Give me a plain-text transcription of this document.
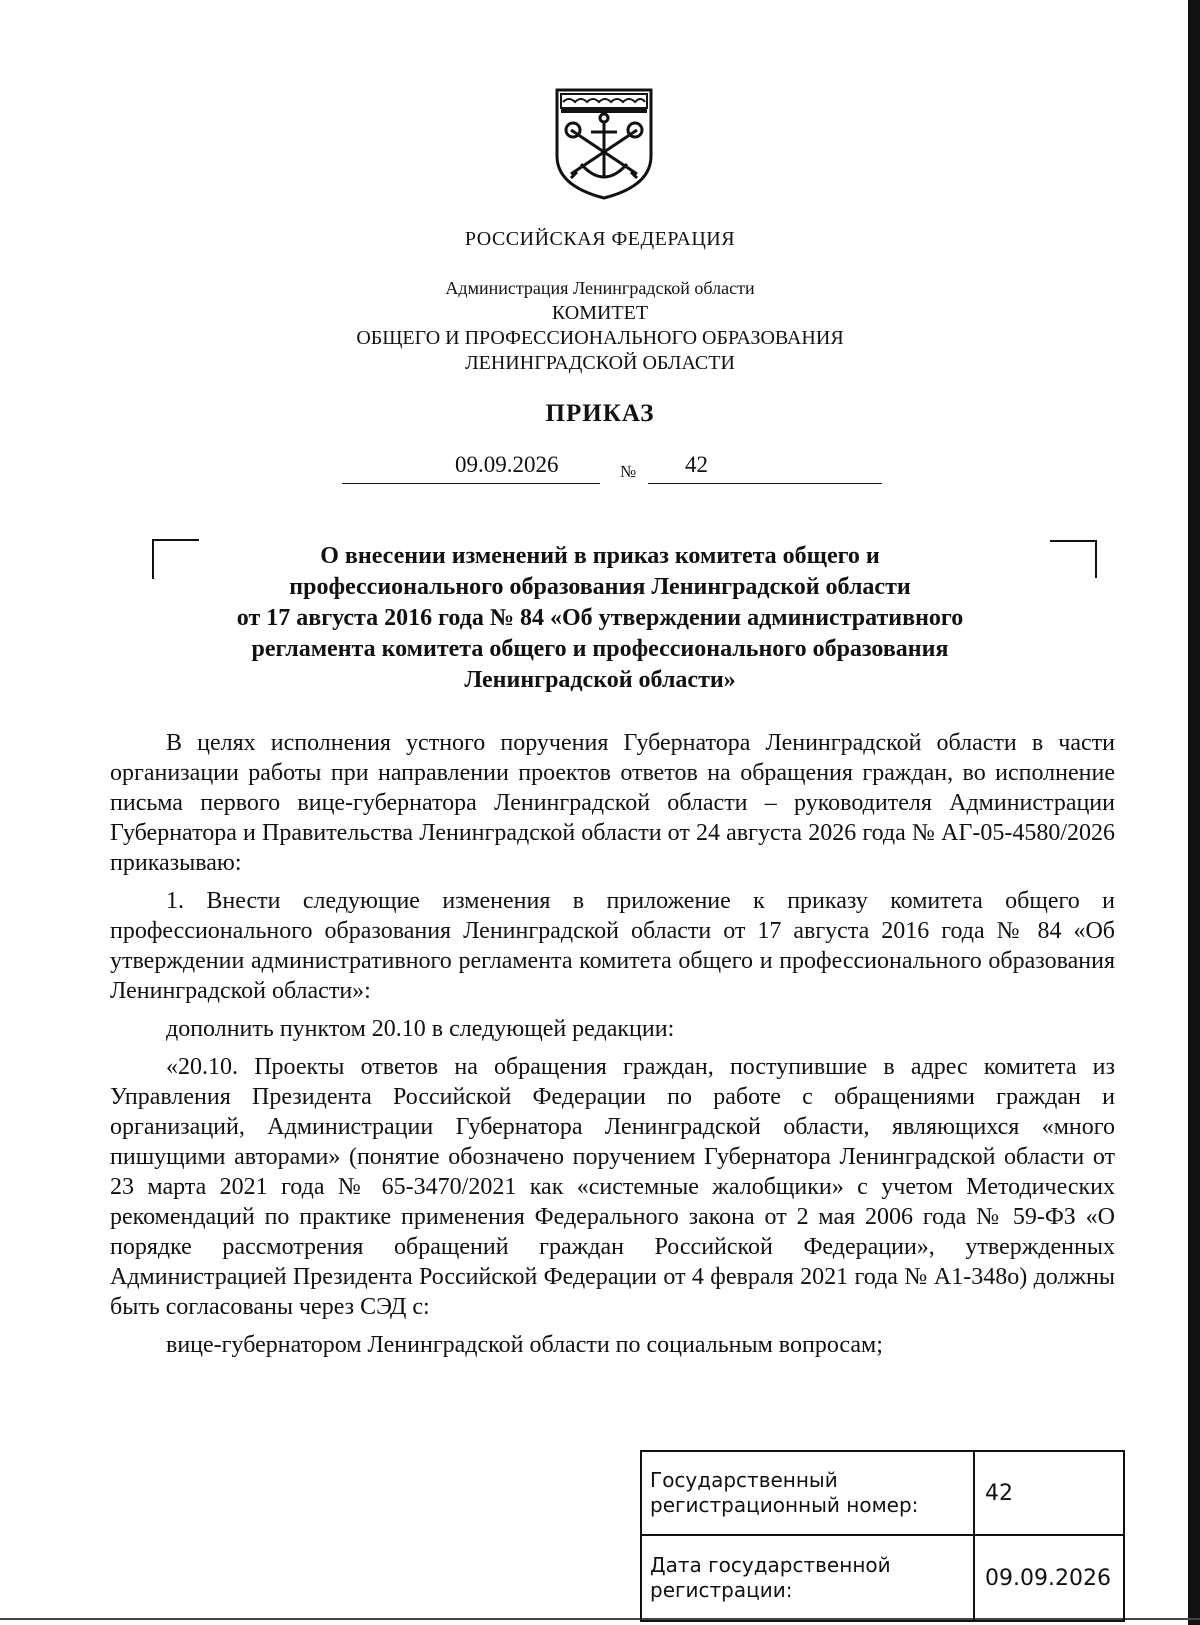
РОССИЙСКАЯ ФЕДЕРАЦИЯ
Администрация Ленинградской области
КОМИТЕТ
ОБЩЕГО И ПРОФЕССИОНАЛЬНОГО ОБРАЗОВАНИЯ
ЛЕНИНГРАДСКОЙ ОБЛАСТИ
ПРИКАЗ
09.09.2026	№ 42
О внесении изменений в приказ комитета общего и
профессионального образования Ленинградской области
от 17 августа 2016 года № 84 «Об утверждении административного
регламента комитета общего и профессионального образования
Ленинградской области»

В целях исполнения устного поручения Губернатора Ленинградской области в части организации работы при направлении проектов ответов на обращения граждан, во исполнение письма первого вице-губернатора Ленинградской области – руководителя Администрации Губернатора и Правительства Ленинградской области от 24 августа 2026 года № АГ-05-4580/2026 приказываю:

1. Внести следующие изменения в приложение к приказу комитета общего и профессионального образования Ленинградской области от 17 августа 2016 года № 84 «Об утверждении административного регламента комитета общего и профессионального образования Ленинградской области»:

дополнить пунктом 20.10 в следующей редакции:

«20.10. Проекты ответов на обращения граждан, поступившие в адрес комитета из Управления Президента Российской Федерации по работе с обращениями граждан и организаций, Администрации Губернатора Ленинградской области, являющихся «много пишущими авторами» (понятие обозначено поручением Губернатора Ленинградской области от 23 марта 2021 года № 65-3470/2021 как «системные жалобщики» с учетом Методических рекомендаций по практике применения Федерального закона от 2 мая 2006 года № 59-ФЗ «О порядке рассмотрения обращений граждан Российской Федерации», утвержденных Администрацией Президента Российской Федерации от 4 февраля 2021 года № А1-348о) должны быть согласованы через СЭД с:

вице-губернатором Ленинградской области по социальным вопросам;

Государственный регистрационный номер:	42
Дата государственной регистрации:	09.09.2026
